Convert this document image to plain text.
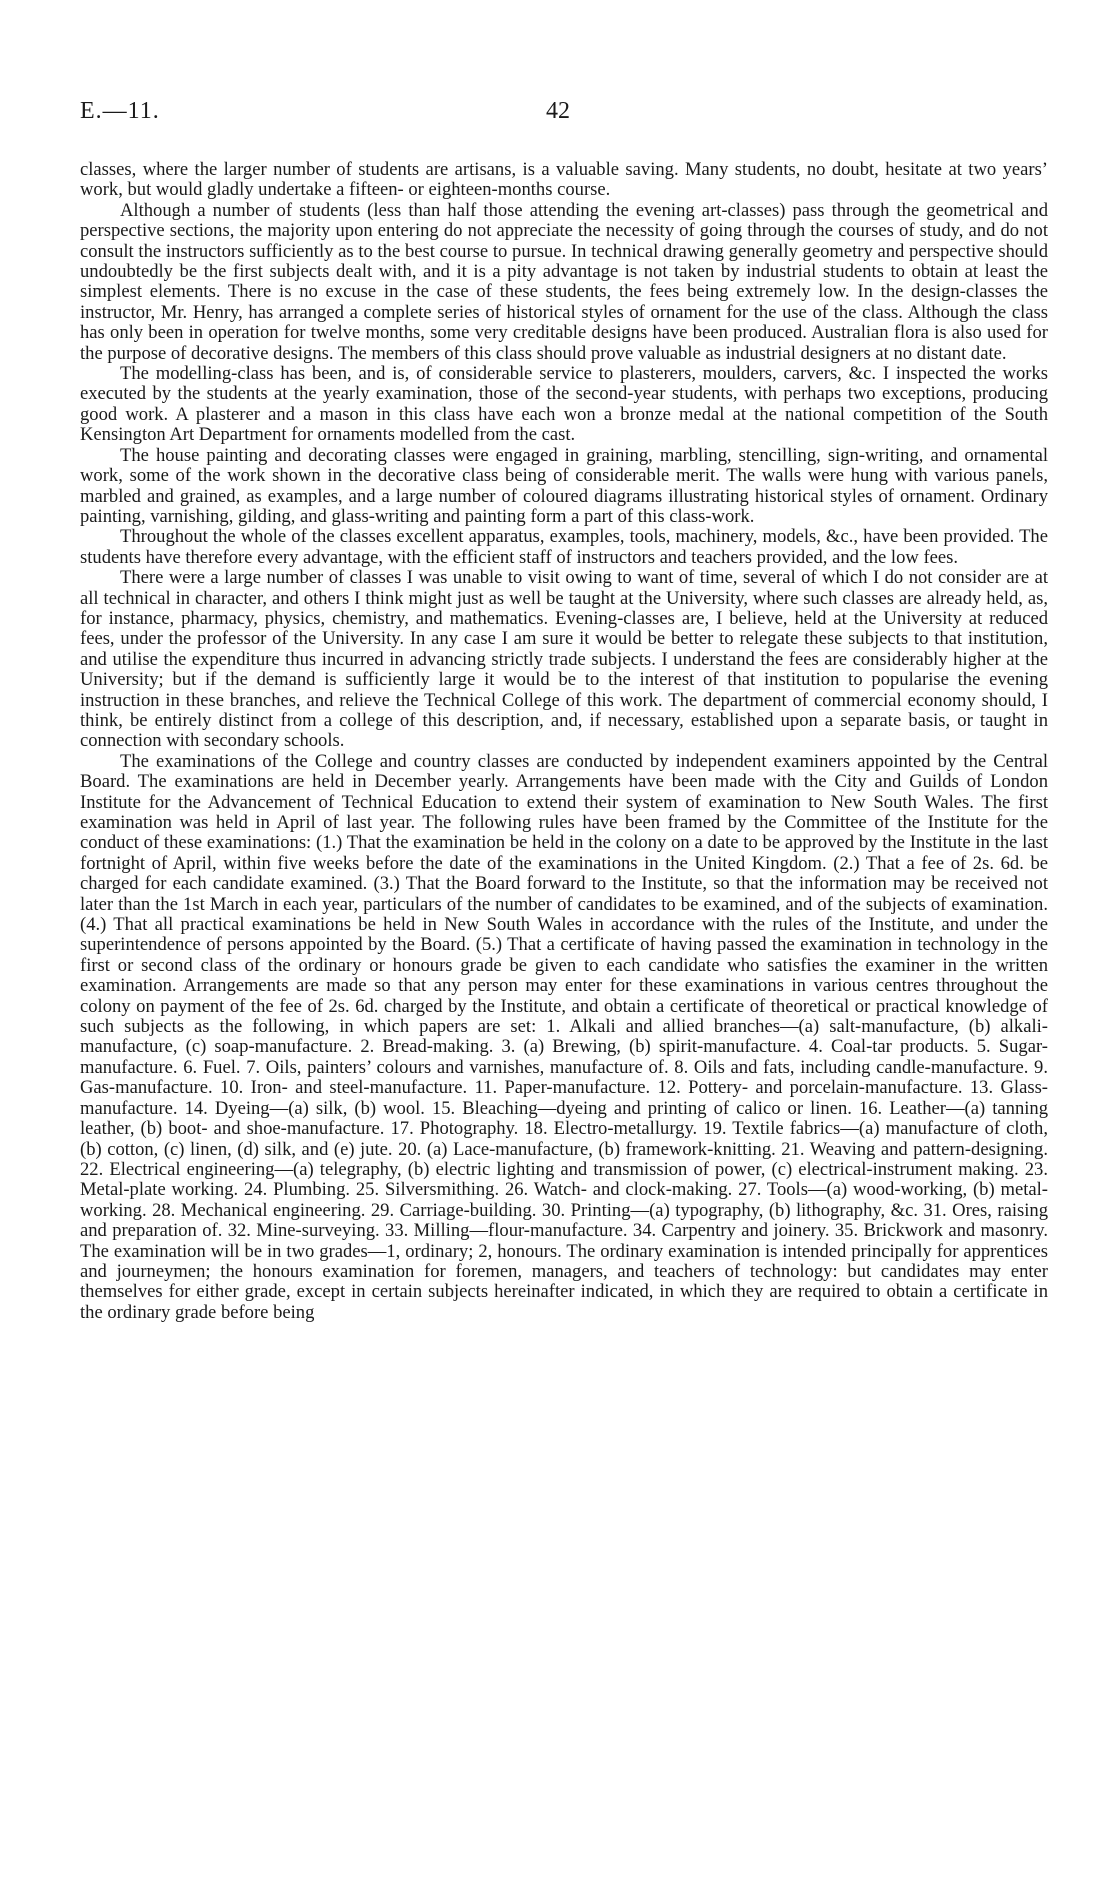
E.—11.	42

classes, where the larger number of students are artisans, is a valuable saving. Many students, no doubt, hesitate at two years’ work, but would gladly undertake a fifteen- or eighteen-months course.

Although a number of students (less than half those attending the evening art-classes) pass through the geometrical and perspective sections, the majority upon entering do not appreciate the necessity of going through the courses of study, and do not consult the instructors sufficiently as to the best course to pursue. In technical drawing generally geometry and perspective should undoubtedly be the first subjects dealt with, and it is a pity advantage is not taken by industrial students to obtain at least the simplest elements. There is no excuse in the case of these students, the fees being extremely low. In the design-classes the instructor, Mr. Henry, has arranged a complete series of historical styles of ornament for the use of the class. Although the class has only been in operation for twelve months, some very creditable designs have been produced. Australian flora is also used for the purpose of decorative designs. The members of this class should prove valuable as industrial designers at no distant date.

The modelling-class has been, and is, of considerable service to plasterers, moulders, carvers, &c. I inspected the works executed by the students at the yearly examination, those of the second-year students, with perhaps two exceptions, producing good work. A plasterer and a mason in this class have each won a bronze medal at the national competition of the South Kensington Art Department for ornaments modelled from the cast.

The house painting and decorating classes were engaged in graining, marbling, stencilling, sign-writing, and ornamental work, some of the work shown in the decorative class being of considerable merit. The walls were hung with various panels, marbled and grained, as examples, and a large number of coloured diagrams illustrating historical styles of ornament. Ordinary painting, varnishing, gilding, and glass-writing and painting form a part of this class-work.

Throughout the whole of the classes excellent apparatus, examples, tools, machinery, models, &c., have been provided. The students have therefore every advantage, with the efficient staff of instructors and teachers provided, and the low fees.

There were a large number of classes I was unable to visit owing to want of time, several of which I do not consider are at all technical in character, and others I think might just as well be taught at the University, where such classes are already held, as, for instance, pharmacy, physics, chemistry, and mathematics. Evening-classes are, I believe, held at the University at reduced fees, under the professor of the University. In any case I am sure it would be better to relegate these subjects to that institution, and utilise the expenditure thus incurred in advancing strictly trade subjects. I understand the fees are considerably higher at the University; but if the demand is sufficiently large it would be to the interest of that institution to popularise the evening instruction in these branches, and relieve the Technical College of this work. The department of commercial economy should, I think, be entirely distinct from a college of this description, and, if necessary, established upon a separate basis, or taught in connection with secondary schools.

The examinations of the College and country classes are conducted by independent examiners appointed by the Central Board. The examinations are held in December yearly. Arrangements have been made with the City and Guilds of London Institute for the Advancement of Technical Education to extend their system of examination to New South Wales. The first examination was held in April of last year. The following rules have been framed by the Committee of the Institute for the conduct of these examinations: (1.) That the examination be held in the colony on a date to be approved by the Institute in the last fortnight of April, within five weeks before the date of the examinations in the United Kingdom. (2.) That a fee of 2s. 6d. be charged for each candidate examined. (3.) That the Board forward to the Institute, so that the information may be received not later than the 1st March in each year, particulars of the number of candidates to be examined, and of the subjects of examination. (4.) That all practical examinations be held in New South Wales in accordance with the rules of the Institute, and under the superintendence of persons appointed by the Board. (5.) That a certificate of having passed the examination in technology in the first or second class of the ordinary or honours grade be given to each candidate who satisfies the examiner in the written examination. Arrangements are made so that any person may enter for these examinations in various centres throughout the colony on payment of the fee of 2s. 6d. charged by the Institute, and obtain a certificate of theoretical or practical knowledge of such subjects as the following, in which papers are set: 1. Alkali and allied branches—(a) salt-manufacture, (b) alkali-manufacture, (c) soap-manufacture. 2. Bread-making. 3. (a) Brewing, (b) spirit-manufacture. 4. Coal-tar products. 5. Sugar-manufacture. 6. Fuel. 7. Oils, painters’ colours and varnishes, manufacture of. 8. Oils and fats, including candle-manufacture. 9. Gas-manufacture. 10. Iron- and steel-manufacture. 11. Paper-manufacture. 12. Pottery- and porcelain-manufacture. 13. Glass-manufacture. 14. Dyeing—(a) silk, (b) wool. 15. Bleaching—dyeing and printing of calico or linen. 16. Leather—(a) tanning leather, (b) boot- and shoe-manufacture. 17. Photography. 18. Electro-metallurgy. 19. Textile fabrics—(a) manufacture of cloth, (b) cotton, (c) linen, (d) silk, and (e) jute. 20. (a) Lace-manufacture, (b) framework-knitting. 21. Weaving and pattern-designing. 22. Electrical engineering—(a) telegraphy, (b) electric lighting and transmission of power, (c) electrical-instrument making. 23. Metal-plate working. 24. Plumbing. 25. Silversmithing. 26. Watch- and clock-making. 27. Tools—(a) wood-working, (b) metal-working. 28. Mechanical engineering. 29. Carriage-building. 30. Printing—(a) typography, (b) lithography, &c. 31. Ores, raising and preparation of. 32. Mine-surveying. 33. Milling—flour-manufacture. 34. Carpentry and joinery. 35. Brickwork and masonry. The examination will be in two grades—1, ordinary; 2, honours. The ordinary examination is intended principally for apprentices and journeymen; the honours examination for foremen, managers, and teachers of technology: but candidates may enter themselves for either grade, except in certain subjects hereinafter indicated, in which they are required to obtain a certificate in the ordinary grade before being
